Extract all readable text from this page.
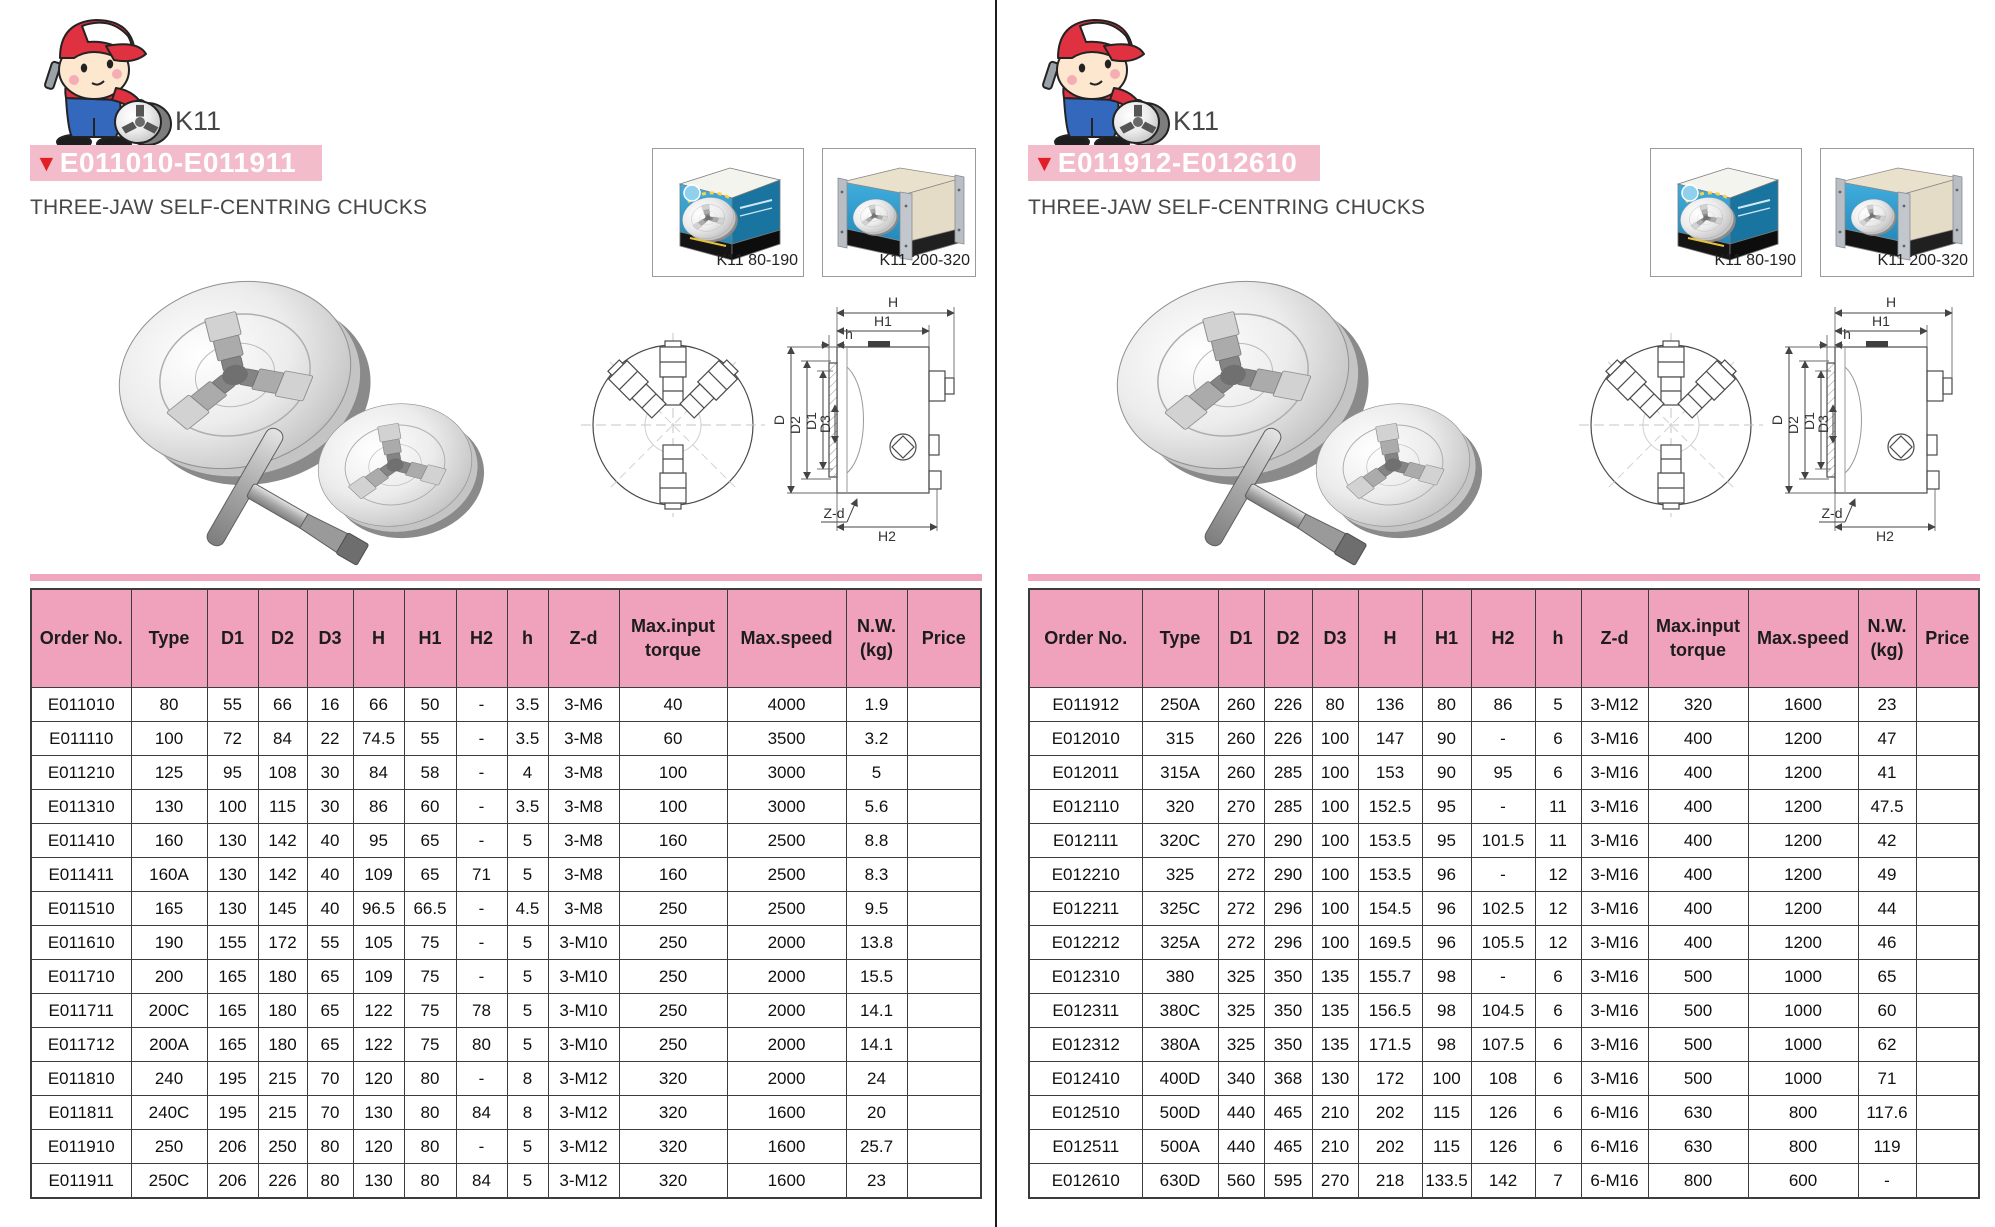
K11
▼ E011010-E011911
THREE-JAW SELF-CENTRING CHUCKS
K11 80-190	K11 200-320
Order No.	Type	D1	D2	D3	H	H1	H2	h	Z-d	Max.input torque	Max.speed	N.W. (kg)	Price
E011010	80	55	66	16	66	50	-	3.5	3-M6	40	4000	1.9	
E011110	100	72	84	22	74.5	55	-	3.5	3-M8	60	3500	3.2	
E011210	125	95	108	30	84	58	-	4	3-M8	100	3000	5	
E011310	130	100	115	30	86	60	-	3.5	3-M8	100	3000	5.6	
E011410	160	130	142	40	95	65	-	5	3-M8	160	2500	8.8	
E011411	160A	130	142	40	109	65	71	5	3-M8	160	2500	8.3	
E011510	165	130	145	40	96.5	66.5	-	4.5	3-M8	250	2500	9.5	
E011610	190	155	172	55	105	75	-	5	3-M10	250	2000	13.8	
E011710	200	165	180	65	109	75	-	5	3-M10	250	2000	15.5	
E011711	200C	165	180	65	122	75	78	5	3-M10	250	2000	14.1	
E011712	200A	165	180	65	122	75	80	5	3-M10	250	2000	14.1	
E011810	240	195	215	70	120	80	-	8	3-M12	320	2000	24	
E011811	240C	195	215	70	130	80	84	8	3-M12	320	1600	20	
E011910	250	206	250	80	120	80	-	5	3-M12	320	1600	25.7	
E011911	250C	206	226	80	130	80	84	5	3-M12	320	1600	23	
K11
▼ E011912-E012610
THREE-JAW SELF-CENTRING CHUCKS
K11 80-190	K11 200-320
Order No.	Type	D1	D2	D3	H	H1	H2	h	Z-d	Max.input torque	Max.speed	N.W. (kg)	Price
E011912	250A	260	226	80	136	80	86	5	3-M12	320	1600	23	
E012010	315	260	226	100	147	90	-	6	3-M16	400	1200	47	
E012011	315A	260	285	100	153	90	95	6	3-M16	400	1200	41	
E012110	320	270	285	100	152.5	95	-	11	3-M16	400	1200	47.5	
E012111	320C	270	290	100	153.5	95	101.5	11	3-M16	400	1200	42	
E012210	325	272	290	100	153.5	96	-	12	3-M16	400	1200	49	
E012211	325C	272	296	100	154.5	96	102.5	12	3-M16	400	1200	44	
E012212	325A	272	296	100	169.5	96	105.5	12	3-M16	400	1200	46	
E012310	380	325	350	135	155.7	98	-	6	3-M16	500	1000	65	
E012311	380C	325	350	135	156.5	98	104.5	6	3-M16	500	1000	60	
E012312	380A	325	350	135	171.5	98	107.5	6	3-M16	500	1000	62	
E012410	400D	340	368	130	172	100	108	6	3-M16	500	1000	71	
E012510	500D	440	465	210	202	115	126	6	6-M16	630	800	117.6	
E012511	500A	440	465	210	202	115	126	6	6-M16	630	800	119	
E012610	630D	560	595	270	218	133.5	142	7	6-M16	800	600	-	
